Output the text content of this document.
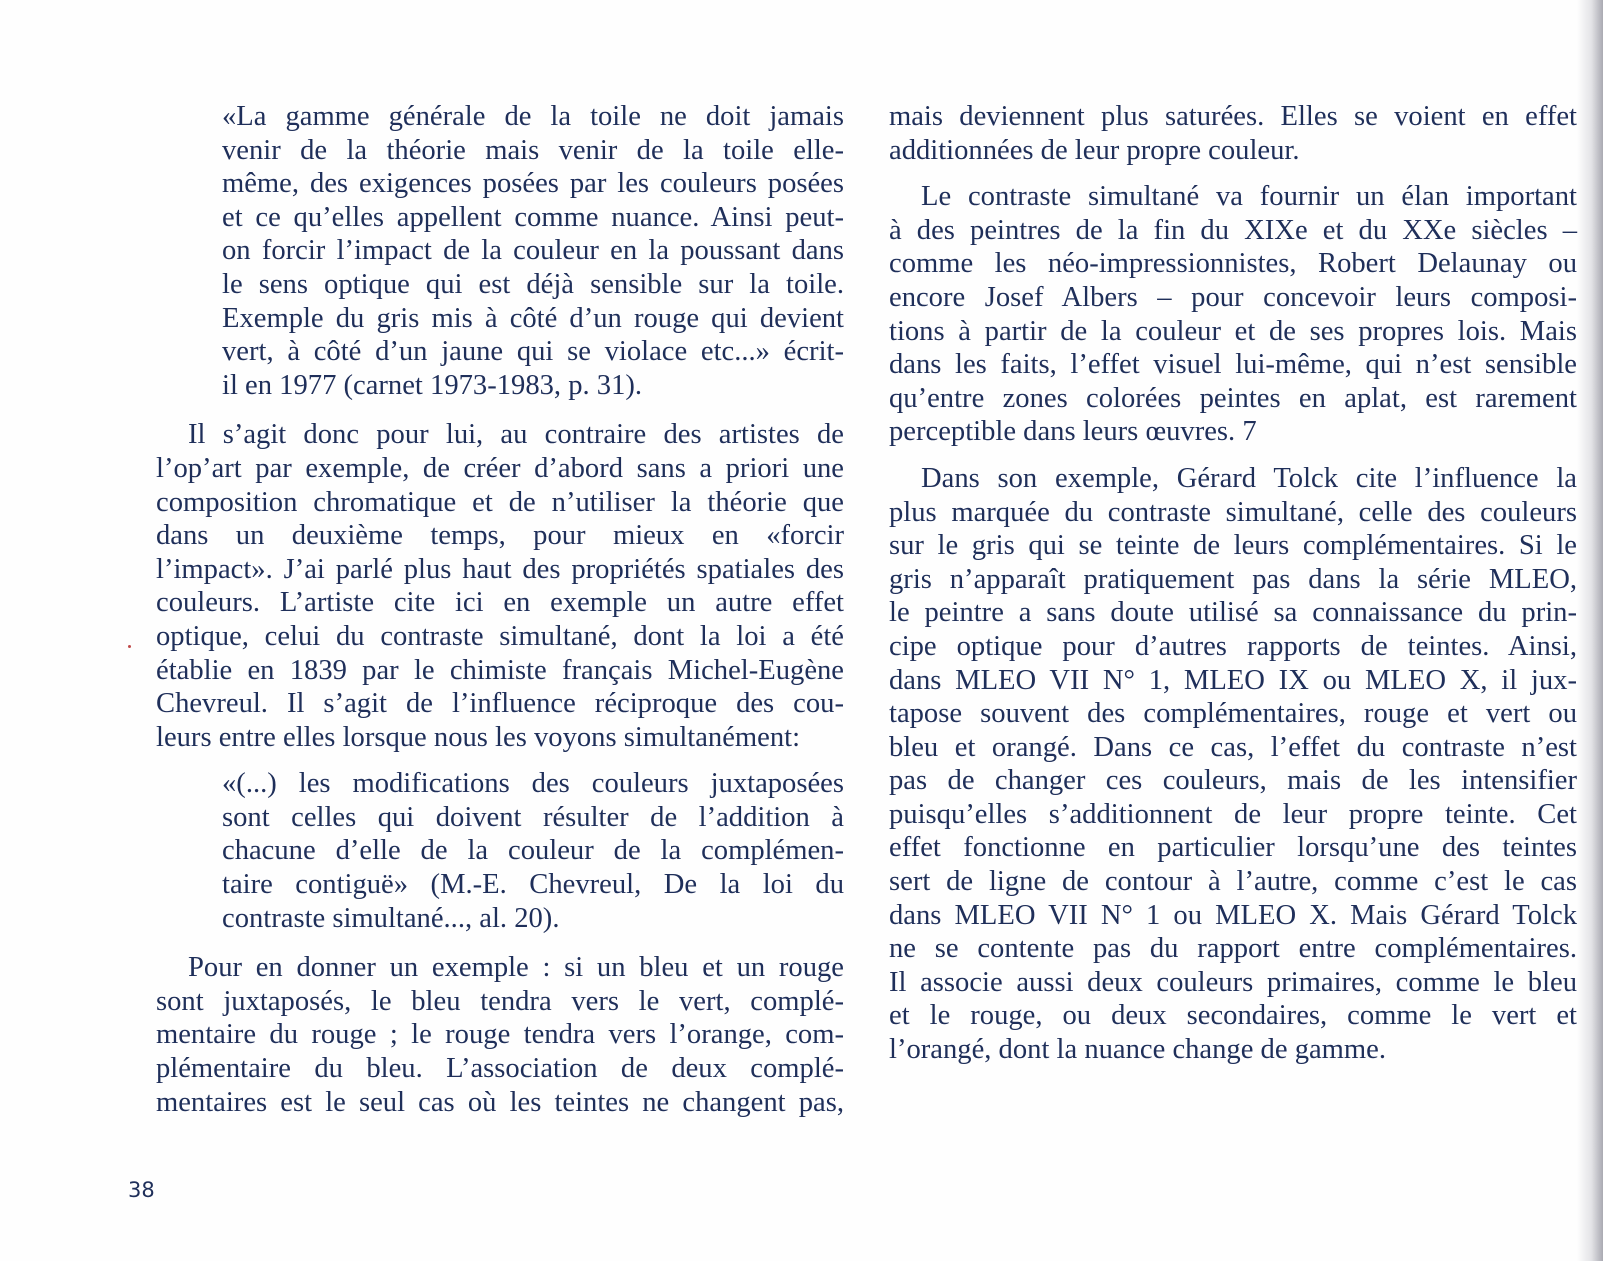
«La gamme générale de la toile ne doit jamais
venir de la théorie mais venir de la toile elle-
même, des exigences posées par les couleurs posées
et ce qu’elles appellent comme nuance. Ainsi peut-
on forcir l’impact de la couleur en la poussant dans
le sens optique qui est déjà sensible sur la toile.
Exemple du gris mis à côté d’un rouge qui devient
vert, à côté d’un jaune qui se violace etc...» écrit-
il en 1977 (carnet 1973-1983, p. 31).
Il s’agit donc pour lui, au contraire des artistes de
l’op’art par exemple, de créer d’abord sans a priori une
composition chromatique et de n’utiliser la théorie que
dans un deuxième temps, pour mieux en «forcir
l’impact». J’ai parlé plus haut des propriétés spatiales des
couleurs. L’artiste cite ici en exemple un autre effet
optique, celui du contraste simultané, dont la loi a été
établie en 1839 par le chimiste français Michel-Eugène
Chevreul. Il s’agit de l’influence réciproque des cou-
leurs entre elles lorsque nous les voyons simultanément:
«(...) les modifications des couleurs juxtaposées
sont celles qui doivent résulter de l’addition à
chacune d’elle de la couleur de la complémen-
taire contiguë» (M.-E. Chevreul, De la loi du
contraste simultané..., al. 20).
Pour en donner un exemple : si un bleu et un rouge
sont juxtaposés, le bleu tendra vers le vert, complé-
mentaire du rouge ; le rouge tendra vers l’orange, com-
plémentaire du bleu. L’association de deux complé-
mentaires est le seul cas où les teintes ne changent pas,
mais deviennent plus saturées. Elles se voient en effet
additionnées de leur propre couleur.
Le contraste simultané va fournir un élan important
à des peintres de la fin du XIXe et du XXe siècles –
comme les néo-impressionnistes, Robert Delaunay ou
encore Josef Albers – pour concevoir leurs composi-
tions à partir de la couleur et de ses propres lois. Mais
dans les faits, l’effet visuel lui-même, qui n’est sensible
qu’entre zones colorées peintes en aplat, est rarement
perceptible dans leurs œuvres. 7
Dans son exemple, Gérard Tolck cite l’influence la
plus marquée du contraste simultané, celle des couleurs
sur le gris qui se teinte de leurs complémentaires. Si le
gris n’apparaît pratiquement pas dans la série MLEO,
le peintre a sans doute utilisé sa connaissance du prin-
cipe optique pour d’autres rapports de teintes. Ainsi,
dans MLEO VII N° 1, MLEO IX ou MLEO X, il jux-
tapose souvent des complémentaires, rouge et vert ou
bleu et orangé. Dans ce cas, l’effet du contraste n’est
pas de changer ces couleurs, mais de les intensifier
puisqu’elles s’additionnent de leur propre teinte. Cet
effet fonctionne en particulier lorsqu’une des teintes
sert de ligne de contour à l’autre, comme c’est le cas
dans MLEO VII N° 1 ou MLEO X. Mais Gérard Tolck
ne se contente pas du rapport entre complémentaires.
Il associe aussi deux couleurs primaires, comme le bleu
et le rouge, ou deux secondaires, comme le vert et
l’orangé, dont la nuance change de gamme.
38
